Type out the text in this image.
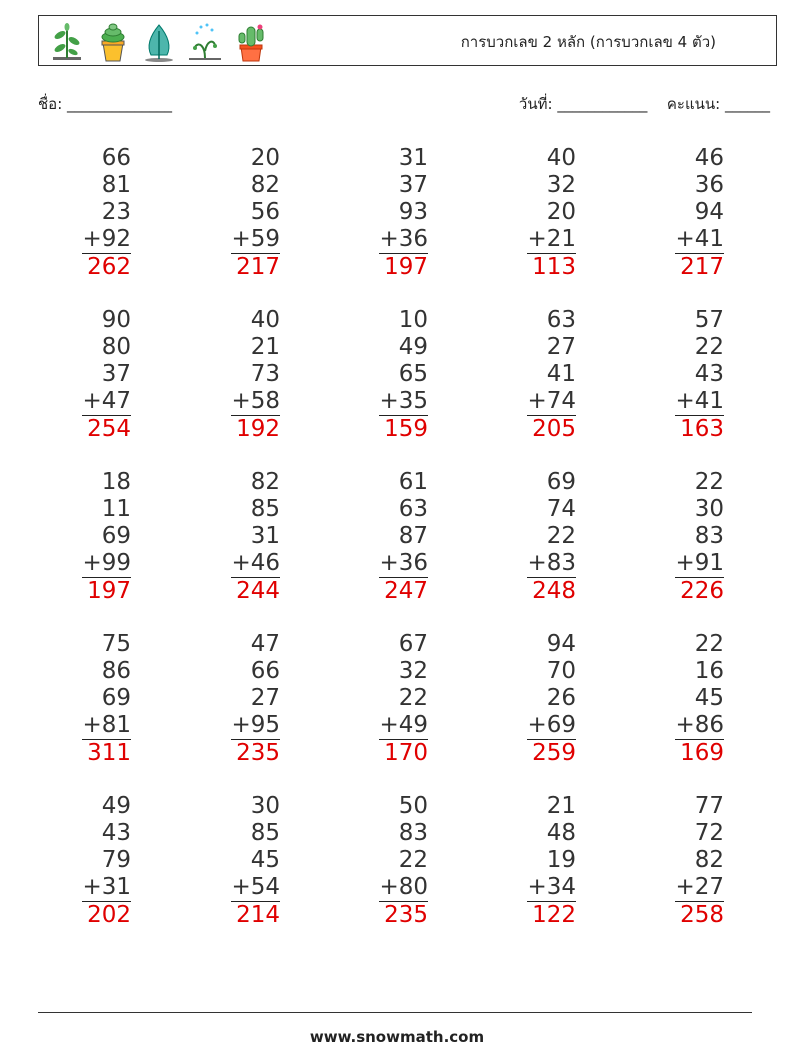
การบวกเลข 2 หลัก (การบวกเลข 4 ตัว)
ชื่อ: ______________	วันที่: ____________ คะแนน: ______
66
81
23
+92
262
20
82
56
+59
217
31
37
93
+36
197
40
32
20
+21
113
46
36
94
+41
217
90
80
37
+47
254
40
21
73
+58
192
10
49
65
+35
159
63
27
41
+74
205
57
22
43
+41
163
18
11
69
+99
197
82
85
31
+46
244
61
63
87
+36
247
69
74
22
+83
248
22
30
83
+91
226
75
86
69
+81
311
47
66
27
+95
235
67
32
22
+49
170
94
70
26
+69
259
22
16
45
+86
169
49
43
79
+31
202
30
85
45
+54
214
50
83
22
+80
235
21
48
19
+34
122
77
72
82
+27
258
www.snowmath.com
